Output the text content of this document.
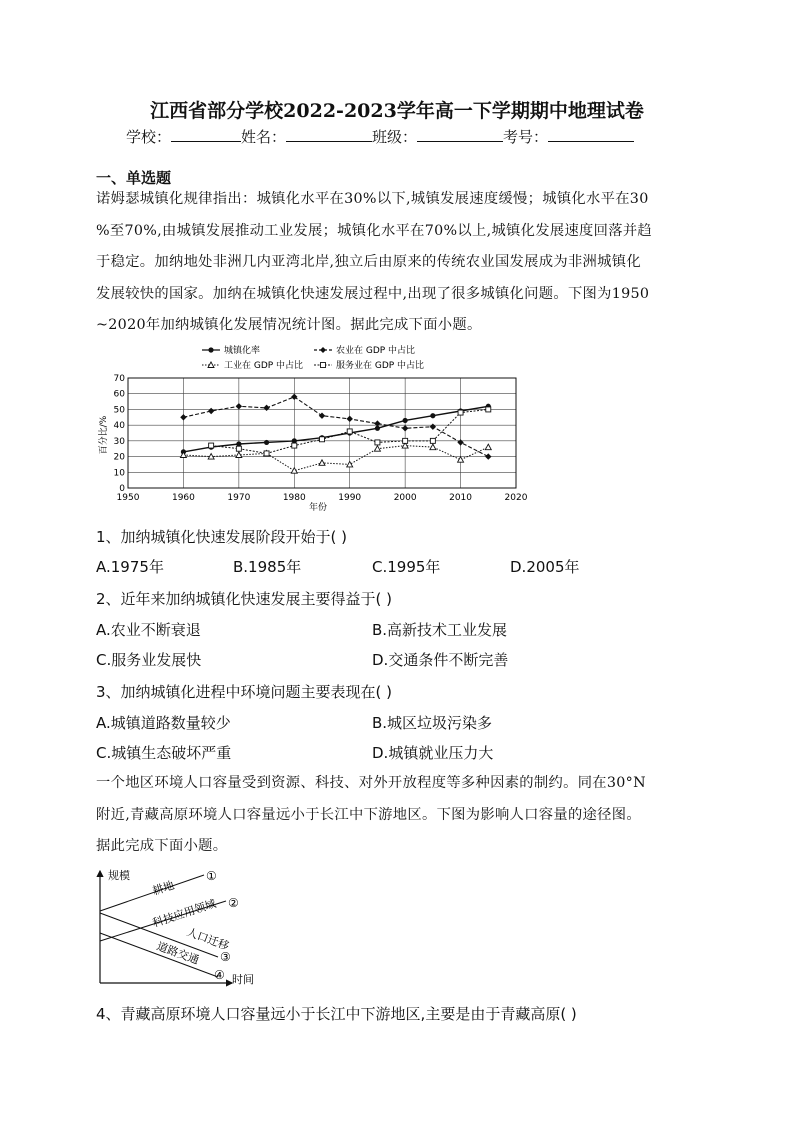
江西省部分学校2022-2023学年高一下学期期中地理试卷
学校：	姓名：	班级：	考号：
一、单选题
诺姆瑟城镇化规律指出：城镇化水平在30%以下,城镇发展速度缓慢；城镇化水平在30
%至70%,由城镇发展推动工业发展；城镇化水平在70%以上,城镇化发展速度回落并趋
于稳定。加纳地处非洲几内亚湾北岸,独立后由原来的传统农业国发展成为非洲城镇化
发展较快的国家。加纳在城镇化快速发展过程中,出现了很多城镇化问题。下图为1950
~2020年加纳城镇化发展情况统计图。据此完成下面小题。
城镇化率	农业在 GDP 中占比
工业在 GDP 中占比	服务业在 GDP 中占比
0
10
20
30
40
50
60
70
1950	1960	1970	1980	1990	2000	2010	2020
百分比/%
年份
1、加纳城镇化快速发展阶段开始于( )
A.1975年	B.1985年	C.1995年	D.2005年
2、近年来加纳城镇化快速发展主要得益于( )
A.农业不断衰退	B.高新技术工业发展
C.服务业发展快	D.交通条件不断完善
3、加纳城镇化进程中环境问题主要表现在( )
A.城镇道路数量较少	B.城区垃圾污染多
C.城镇生态破坏严重	D.城镇就业压力大
一个地区环境人口容量受到资源、科技、对外开放程度等多种因素的制约。同在30°N
附近,青藏高原环境人口容量远小于长江中下游地区。下图为影响人口容量的途径图。
据此完成下面小题。
规模
时间
耕地
科技应用领域
人口迁移
道路交通
①
②
③
④
4、青藏高原环境人口容量远小于长江中下游地区,主要是由于青藏高原( )
